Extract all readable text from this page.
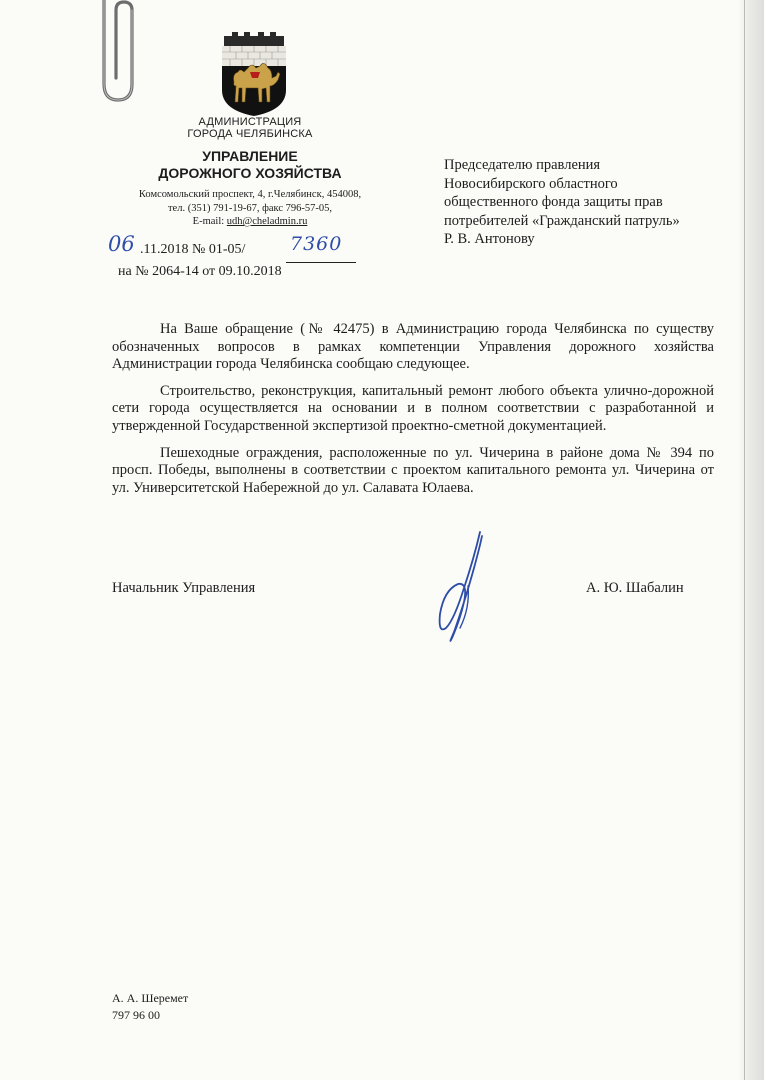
АДМИНИСТРАЦИЯ
ГОРОДА ЧЕЛЯБИНСКА
УПРАВЛЕНИЕ
ДОРОЖНОГО ХОЗЯЙСТВА
Комсомольский проспект, 4, г.Челябинск, 454008,
тел. (351) 791-19-67, факс 796-57-05,
E-mail: udh@cheladmin.ru
06 .11.2018 № 01-05/ 7360
на № 2064-14 от 09.10.2018
Председателю правления
Новосибирского областного
общественного фонда защиты прав
потребителей «Гражданский патруль»
Р. В. Антонову

На Ваше обращение (№ 42475) в Администрацию города Челябинска по существу обозначенных вопросов в рамках компетенции Управления дорожного хозяйства Администрации города Челябинска сообщаю следующее.

Строительство, реконструкция, капитальный ремонт любого объекта улично-дорожной сети города осуществляется на основании и в полном соответствии с разработанной и утвержденной Государственной экспертизой проектно-сметной документацией.

Пешеходные ограждения, расположенные по ул. Чичерина в районе дома № 394 по просп. Победы, выполнены в соответствии с проектом капитального ремонта ул. Чичерина от ул. Университетской Набережной до ул. Салавата Юлаева.

Начальник Управления	А. Ю. Шабалин
А. А. Шеремет
797 96 00
